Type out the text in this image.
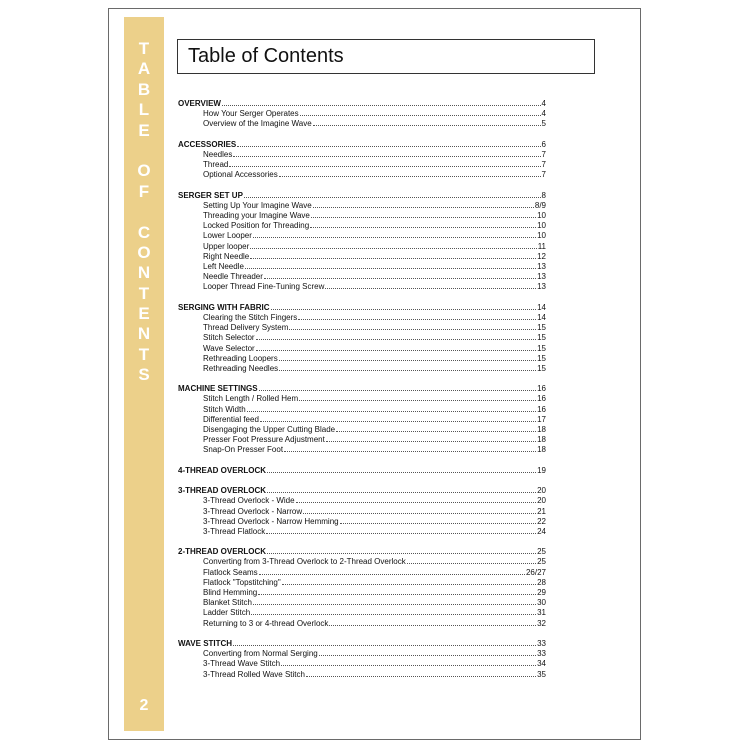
T
A
B
L
E
O
F
C
O
N
T
E
N
T
S
2
Table of Contents
OVERVIEW	4
How Your Serger Operates	4
Overview of the Imagine Wave	5
ACCESSORIES	6
Needles	7
Thread	7
Optional Accessories	7
SERGER SET UP	8
Setting Up Your Imagine Wave	8/9
Threading your Imagine Wave	10
Locked Position for Threading	10
Lower Looper	10
Upper looper	11
Right Needle	12
Left Needle	13
Needle Threader	13
Looper Thread Fine-Tuning Screw	13
SERGING WITH FABRIC	14
Clearing the Stitch Fingers	14
Thread Delivery System	15
Stitch Selector	15
Wave Selector	15
Rethreading Loopers	15
Rethreading Needles	15
MACHINE SETTINGS	16
Stitch Length / Rolled Hem	16
Stitch Width	16
Differential feed	17
Disengaging the Upper Cutting Blade	18
Presser Foot Pressure Adjustment	18
Snap-On Presser Foot	18
4-THREAD OVERLOCK	19
3-THREAD OVERLOCK	20
3-Thread Overlock - Wide	20
3-Thread Overlock - Narrow	21
3-Thread Overlock - Narrow Hemming	22
3-Thread Flatlock	24
2-THREAD OVERLOCK	25
Converting from 3-Thread Overlock to 2-Thread Overlock	25
Flatlock Seams	26/27
Flatlock "Topstitching"	28
Blind Hemming	29
Blanket Stitch	30
Ladder Stitch	31
Returning to 3 or 4-thread Overlock	32
WAVE STITCH	33
Converting from Normal Serging	33
3-Thread Wave Stitch	34
3-Thread Rolled Wave Stitch	35
